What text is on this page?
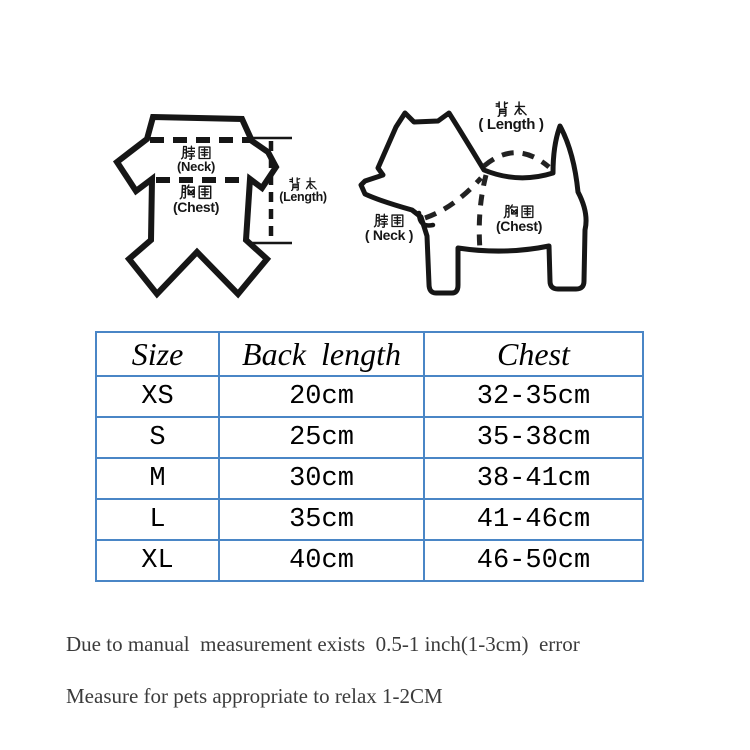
(Neck)
(Chest)
(Length)
( Length )
( Neck )
(Chest)
Size	Back length	Chest
XS	20cm	32-35cm
S	25cm	35-38cm
M	30cm	38-41cm
L	35cm	41-46cm
XL	40cm	46-50cm
Due to manual  measurement exists  0.5-1 inch(1-3cm)  error
Measure for pets appropriate to relax 1-2CM
